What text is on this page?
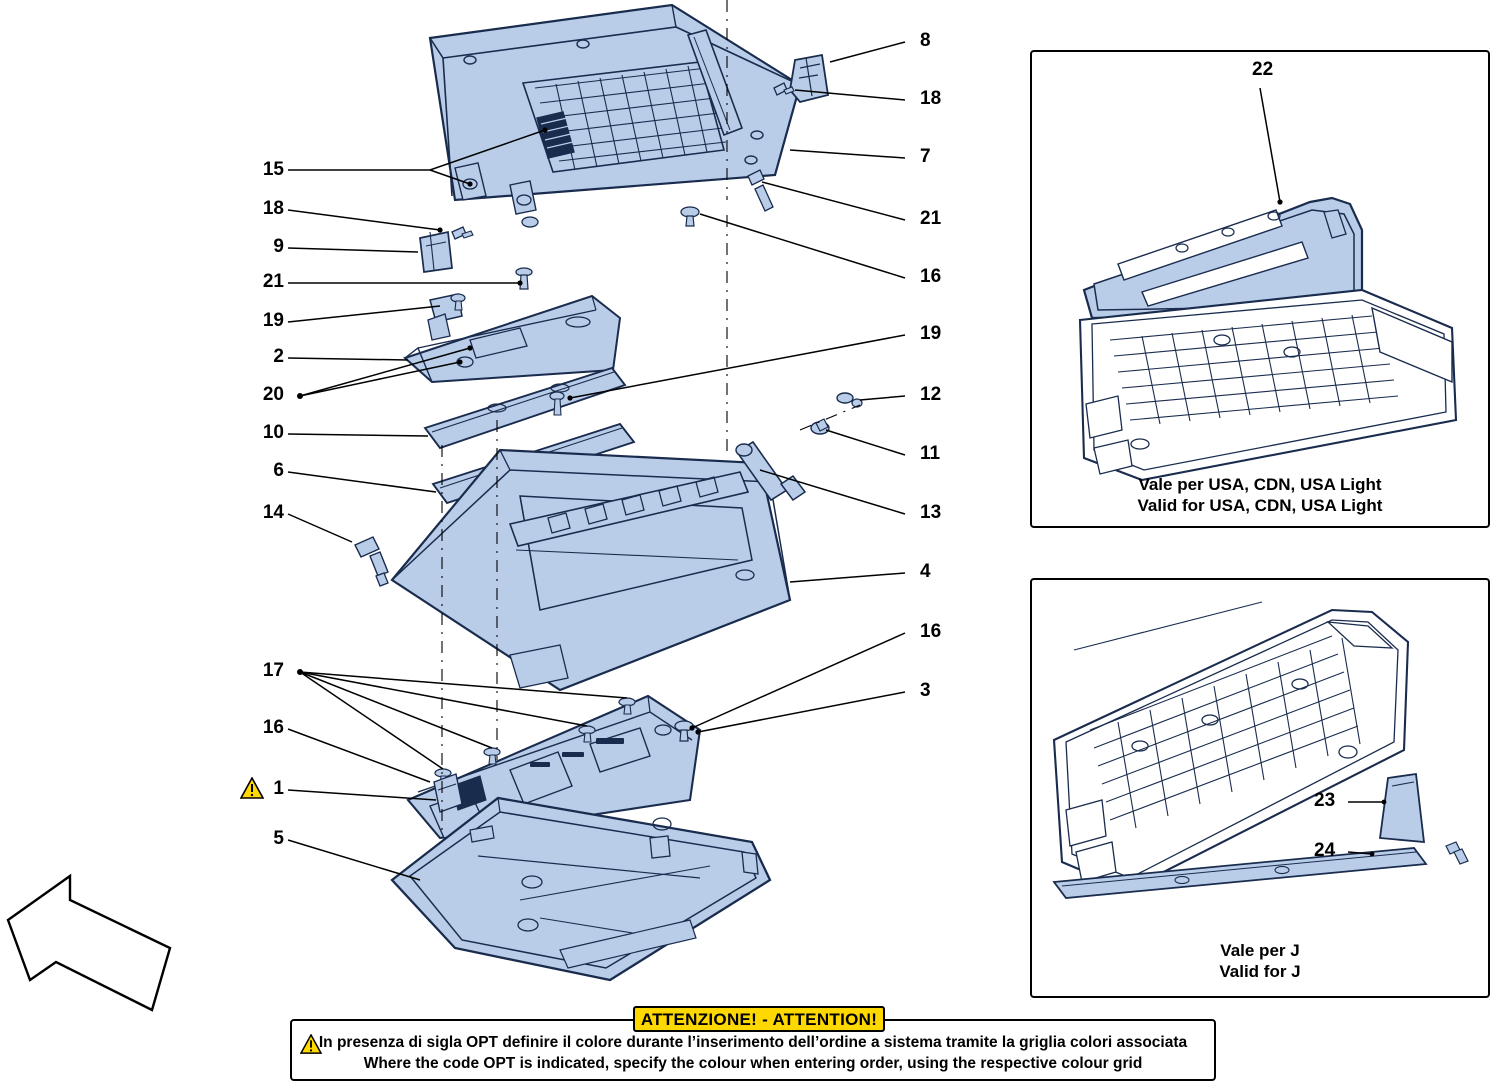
15
18
9
21
19
2
20
10
6
14
17
16
1
5
8
18
7
21
16
19
12
11
13
4
16
3
22
Vale per USA, CDN, USA Light
Valid for USA, CDN, USA Light
23
24
Vale per J
Valid for J
In presenza di sigla OPT definire il colore durante l’inserimento dell’ordine a sistema tramite la griglia colori associata
Where the code OPT is indicated, specify the colour when entering order, using the respective colour grid
ATTENZIONE! - ATTENTION!
